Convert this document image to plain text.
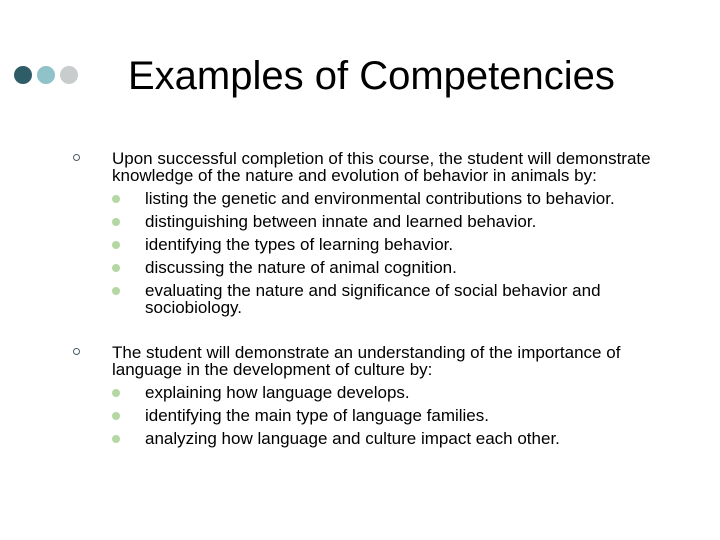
Examples of Competencies
Upon successful completion of this course, the student will demonstrate knowledge of the nature and evolution of behavior in animals by:
listing the genetic and environmental contributions to behavior.
distinguishing between innate and learned behavior.
identifying the types of learning behavior.
discussing the nature of animal cognition.
evaluating the nature and significance of social behavior and sociobiology.
The student will demonstrate an understanding of the importance of language in the development of culture by:
explaining how language develops.
identifying the main type of language families.
analyzing how language and culture impact each other.
